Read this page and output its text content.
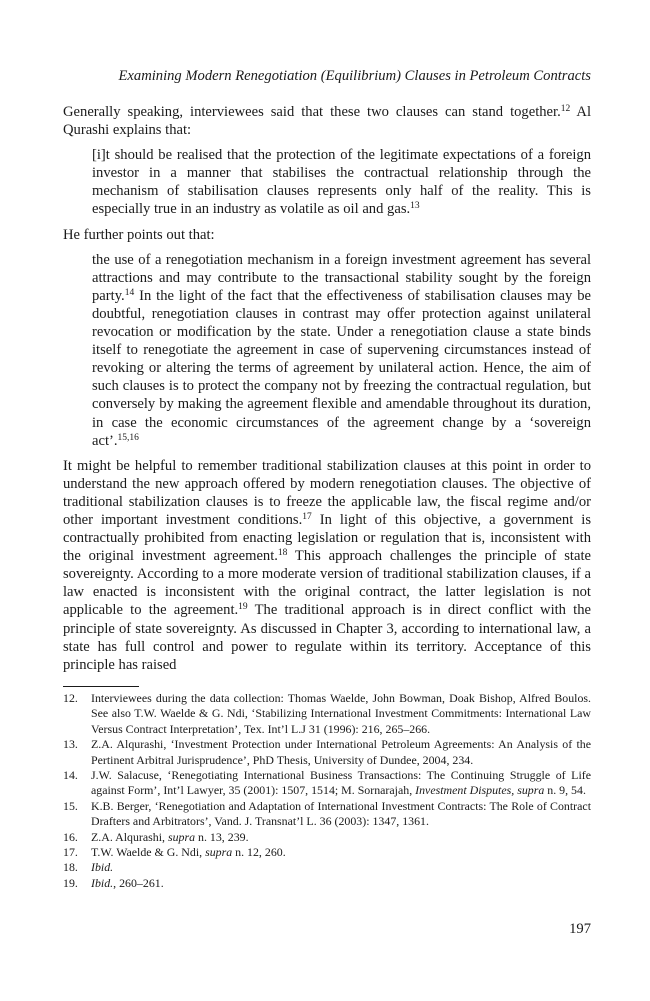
Examining Modern Renegotiation (Equilibrium) Clauses in Petroleum Contracts

Generally speaking, interviewees said that these two clauses can stand together.$^{12}$ Al Qurashi explains that:

[i]t should be realised that the protection of the legitimate expectations of a foreign investor in a manner that stabilises the contractual relationship through the mechanism of stabilisation clauses represents only half of the reality. This is especially true in an industry as volatile as oil and gas.$^{13}$

He further points out that:

the use of a renegotiation mechanism in a foreign investment agreement has several attractions and may contribute to the transactional stability sought by the foreign party.$^{14}$ In the light of the fact that the effectiveness of stabilisation clauses may be doubtful, renegotiation clauses in contrast may offer protection against unilateral revocation or modification by the state. Under a renegotiation clause a state binds itself to renegotiate the agreement in case of supervening circumstances instead of revoking or altering the terms of agreement by unilateral action. Hence, the aim of such clauses is to protect the company not by freezing the contractual regulation, but conversely by making the agreement flexible and amendable throughout its duration, in case the economic circumstances of the agreement change by a ‘sovereign act’.$^{15,16}$

It might be helpful to remember traditional stabilization clauses at this point in order to understand the new approach offered by modern renegotiation clauses. The objective of traditional stabilization clauses is to freeze the applicable law, the fiscal regime and/or other important investment conditions.$^{17}$ In light of this objective, a government is contractually prohibited from enacting legislation or regulation that is, inconsistent with the original investment agreement.$^{18}$ This approach challenges the principle of state sovereignty. According to a more moderate version of traditional stabilization clauses, if a law enacted is inconsistent with the original contract, the latter legislation is not applicable to the agreement.$^{19}$ The traditional approach is in direct conflict with the principle of state sovereignty. As discussed in Chapter 3, according to international law, a state has full control and power to regulate within its territory. Acceptance of this principle has raised

12.	Interviewees during the data collection: Thomas Waelde, John Bowman, Doak Bishop, Alfred Boulos. See also T.W. Waelde & G. Ndi, ‘Stabilizing International Investment Commitments: International Law Versus Contract Interpretation’, Tex. Int’l L.J 31 (1996): 216, 265–266.
13.	Z.A. Alqurashi, ‘Investment Protection under International Petroleum Agreements: An Analysis of the Pertinent Arbitral Jurisprudence’, PhD Thesis, University of Dundee, 2004, 234.
14.	J.W. Salacuse, ‘Renegotiating International Business Transactions: The Continuing Struggle of Life against Form’, Int’l Lawyer, 35 (2001): 1507, 1514; M. Sornarajah, Investment Disputes, supra n. 9, 54.
15.	K.B. Berger, ‘Renegotiation and Adaptation of International Investment Contracts: The Role of Contract Drafters and Arbitrators’, Vand. J. Transnat’l L. 36 (2003): 1347, 1361.
16.	Z.A. Alqurashi, supra n. 13, 239.
17.	T.W. Waelde & G. Ndi, supra n. 12, 260.
18.	Ibid.
19.	Ibid., 260–261.
197
